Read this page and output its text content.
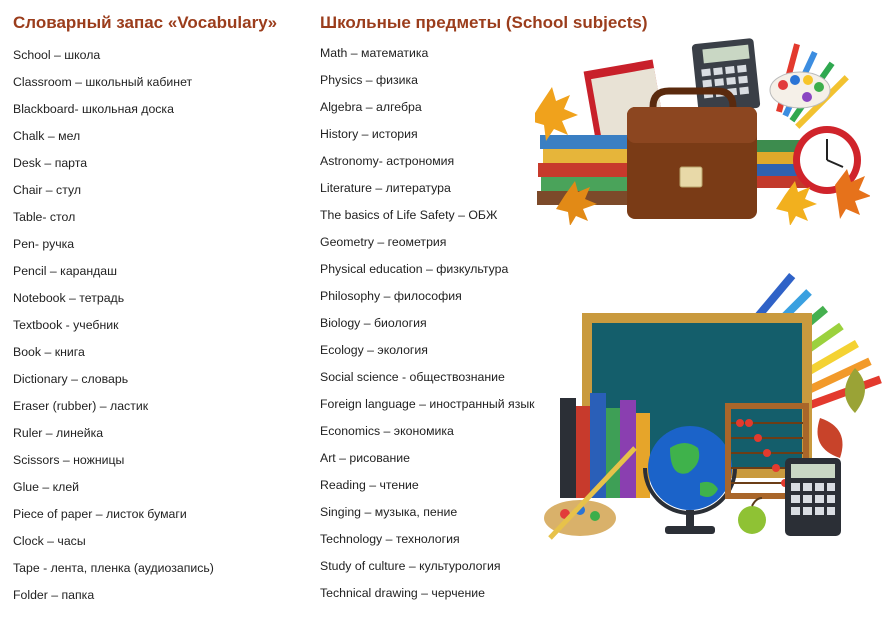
Словарный запас «Vocabulary»
School – школа
Classroom – школьный кабинет
Blackboard- школьная доска
Chalk – мел
Desk – парта
Chair – стул
Table- стол
Pen- ручка
Pencil – карандаш
Notebook – тетрадь
Textbook - учебник
Book – книга
Dictionary – словарь
Eraser (rubber) – ластик
Ruler – линейка
Scissors – ножницы
Glue – клей
Piece of paper – листок бумаги
Clock – часы
Tape - лента, пленка (аудиозапись)
Folder – папка
Школьные предметы (School subjects)
Math – математика
Physics – физика
Algebra – алгебра
History – история
Astronomy- астрономия
Literature – литература
The basics of Life Safety – ОБЖ
Geometry – геометрия
Physical education – физкультура
Philosophy – философия
Biology – биология
Ecology – экология
Social science - обществознание
Foreign language – иностранный язык
Economics – экономика
Art – рисование
Reading – чтение
Singing – музыка, пение
Technology – технология
Study of culture – культурология
Technical drawing – черчение
